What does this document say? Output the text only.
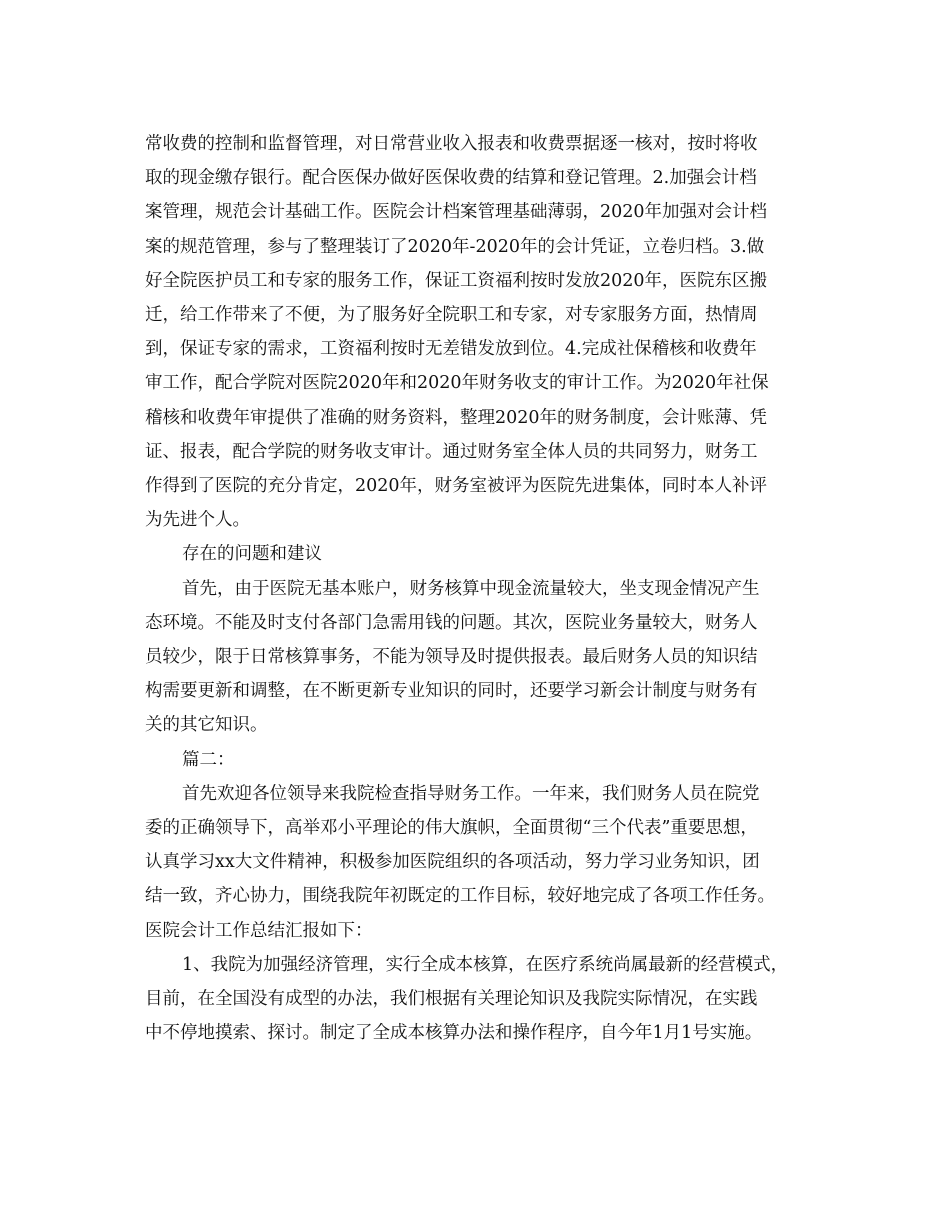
常收费的控制和监督管理，对日常营业收入报表和收费票据逐一核对，按时将收
取的现金缴存银行。配合医保办做好医保收费的结算和登记管理。2.加强会计档
案管理，规范会计基础工作。医院会计档案管理基础薄弱，2020年加强对会计档
案的规范管理，参与了整理装订了2020年-2020年的会计凭证，立卷归档。3.做
好全院医护员工和专家的服务工作，保证工资福利按时发放2020年，医院东区搬
迁，给工作带来了不便，为了服务好全院职工和专家，对专家服务方面，热情周
到，保证专家的需求，工资福利按时无差错发放到位。4.完成社保稽核和收费年
审工作，配合学院对医院2020年和2020年财务收支的审计工作。为2020年社保
稽核和收费年审提供了准确的财务资料，整理2020年的财务制度，会计账薄、凭
证、报表，配合学院的财务收支审计。通过财务室全体人员的共同努力，财务工
作得到了医院的充分肯定，2020年，财务室被评为医院先进集体，同时本人补评
为先进个人。
存在的问题和建议
首先，由于医院无基本账户，财务核算中现金流量较大，坐支现金情况产生
态环境。不能及时支付各部门急需用钱的问题。其次，医院业务量较大，财务人
员较少，限于日常核算事务，不能为领导及时提供报表。最后财务人员的知识结
构需要更新和调整，在不断更新专业知识的同时，还要学习新会计制度与财务有
关的其它知识。
篇二：
首先欢迎各位领导来我院检查指导财务工作。一年来，我们财务人员在院党
委的正确领导下，高举邓小平理论的伟大旗帜，全面贯彻“三个代表”重要思想，
认真学习xx大文件精神，积极参加医院组织的各项活动，努力学习业务知识，团
结一致，齐心协力，围绕我院年初既定的工作目标，较好地完成了各项工作任务。
医院会计工作总结汇报如下：
1、我院为加强经济管理，实行全成本核算，在医疗系统尚属最新的经营模式，
目前，在全国没有成型的办法，我们根据有关理论知识及我院实际情况，在实践
中不停地摸索、探讨。制定了全成本核算办法和操作程序，自今年1月1号实施。
